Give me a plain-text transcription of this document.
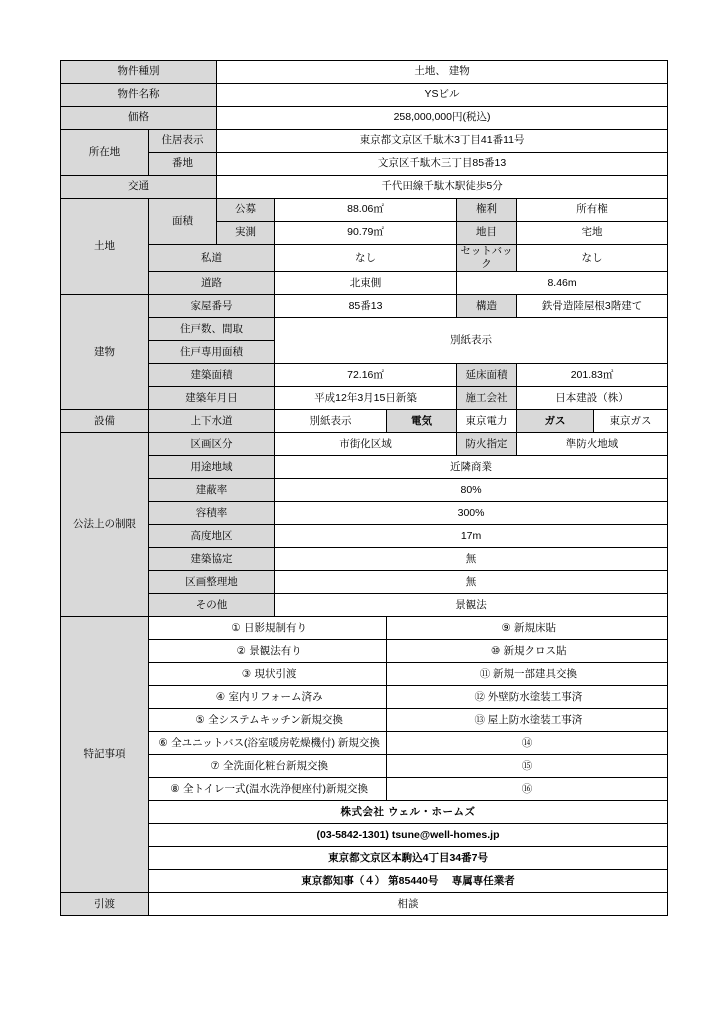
物件種別		土地、 建物					
物件名称		YSビル					
価格		258,000,000円(税込)					
所在地	住居表示	東京都文京区千駄木3丁目41番11号					
	番地	文京区千駄木三丁目85番13					
交通		千代田線千駄木駅徒歩5分					
土地	面積	公募	88.06㎡		権利	所有権	
		実測	90.79㎡		地目	宅地	
	私道		なし		セットバック	なし	
	道路		北東側		8.46m		
建物	家屋番号		85番13		構造	鉄骨造陸屋根3階建て	
	住戸数、間取		別紙表示				
	住戸専用面積						
	建築面積		72.16㎡		延床面積	201.83㎡	
	建築年月日		平成12年3月15日新築		施工会社	日本建設（株）	
設備	上下水道		別紙表示	電気	東京電力	ガス	東京ガス
公法上の制限	区画区分		市街化区域		防火指定	準防火地域	
	用途地域		近隣商業				
	建蔽率		80%				
	容積率		300%				
	高度地区		17m				
	建築協定		無				
	区画整理地		無				
	その他		景観法				
特記事項	① 日影規制有り			⑨ 新規床貼			
	② 景観法有り			⑩ 新規クロス貼			
	③ 現状引渡			⑪ 新規一部建具交換			
	④ 室内リフォーム済み			⑫ 外壁防水塗装工事済			
	⑤ 全システムキッチン新規交換			⑬ 屋上防水塗装工事済			
	⑥ 全ユニットバス(浴室暖房乾燥機付) 新規交換			⑭			
	⑦ 全洗面化粧台新規交換			⑮			
	⑧ 全トイレ一式(温水洗浄便座付)新規交換			⑯			
	株式会社 ウェル・ホームズ						
	(03-5842-1301) tsune@well-homes.jp						
	東京都文京区本駒込4丁目34番7号						
	東京都知事（４） 第85440号　 専属専任業者						
引渡	相談						
